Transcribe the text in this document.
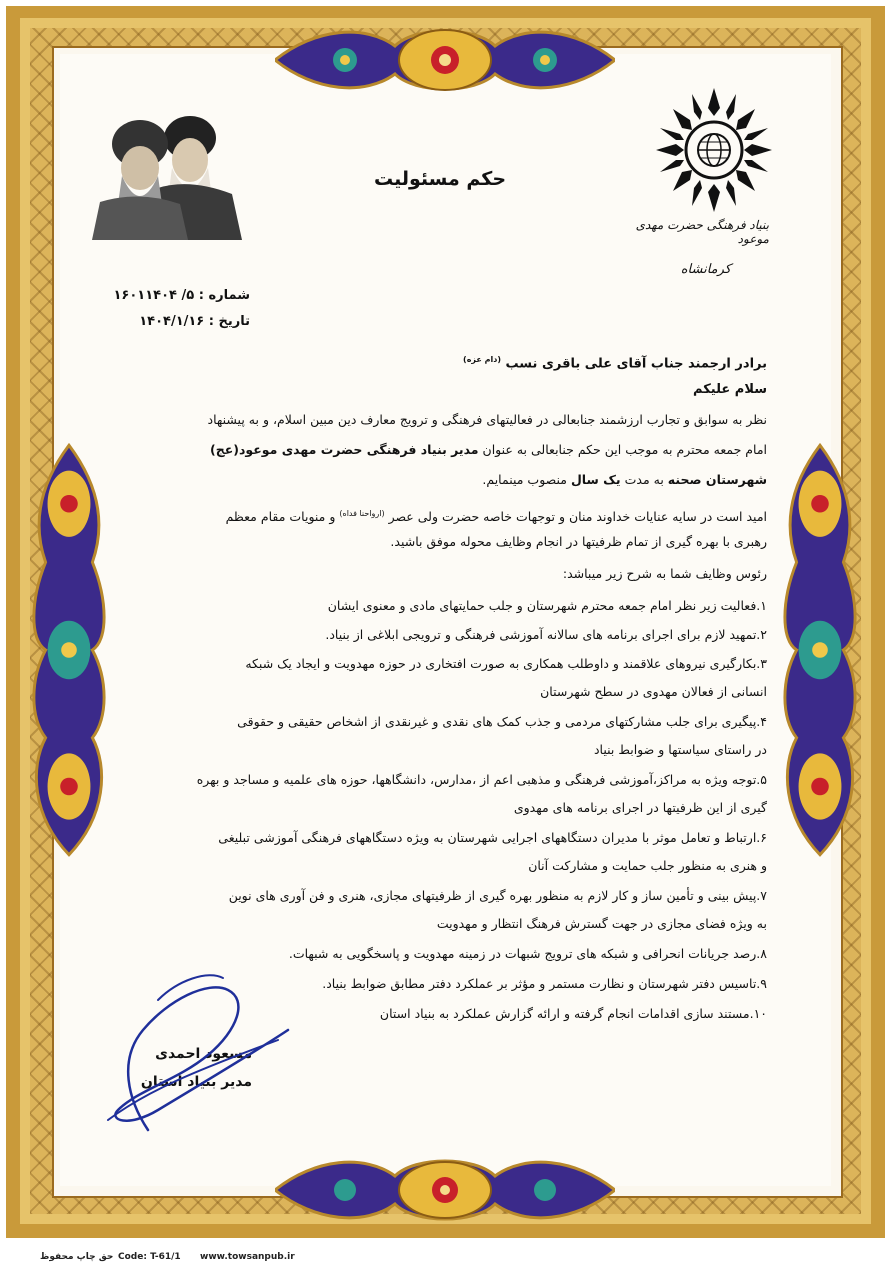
بنیاد فرهنگی حضرت مهدی موعود
کرمانشاه
حکم مسئولیت
شماره : ۵/ ۱۶۰۱۱۴۰۴
تاریخ : ۱۴۰۴/۱/۱۶
برادر ارجمند جناب آقای علی باقری نسب $^{(دام عزه)}$
سلام علیکم
نظر به سوابق و تجارب ارزشمند جنابعالی در فعالیتهای فرهنگی و ترویج معارف دین مبین اسلام، و به پیشنهاد
امام جمعه محترم به موجب این حکم جنابعالی به عنوان مدیر بنیاد فرهنگی حضرت مهدی موعود(عج)
شهرستان صحنه به مدت یک سال منصوب مینمایم.
امید است در سایه عنایات خداوند منان و توجهات خاصه حضرت ولی عصر $^{(ارواحنا فداه)}$ و منویات مقام معظم
رهبری با بهره گیری از تمام ظرفیتها در انجام وظایف محوله موفق باشید.
رئوس وظایف شما به شرح زیر میباشد:
۱.فعالیت زیر نظر امام جمعه محترم شهرستان و جلب حمایتهای مادی و معنوی ایشان
۲.تمهید لازم برای اجرای برنامه های سالانه آموزشی فرهنگی و ترویجی ابلاغی از بنیاد.
۳.بکارگیری نیروهای علاقمند و داوطلب همکاری به صورت افتخاری در حوزه مهدویت و ایجاد یک شبکه
انسانی از فعالان مهدوی در سطح شهرستان
۴.پیگیری برای جلب مشارکتهای مردمی و جذب کمک های نقدی و غیرنقدی از اشخاص حقیقی و حقوقی
در راستای سیاستها و ضوابط بنیاد
۵.توجه ویژه به مراکز،آموزشی فرهنگی و مذهبی اعم از ،مدارس، دانشگاهها، حوزه های علمیه و مساجد و بهره
گیری از این ظرفیتها در اجرای برنامه های مهدوی
۶.ارتباط و تعامل موثر با مدیران دستگاههای اجرایی شهرستان به ویژه دستگاههای فرهنگی آموزشی تبلیغی
و هنری به منظور جلب حمایت و مشارکت آنان
۷.پیش بینی و تأمین ساز و کار لازم به منظور بهره گیری از ظرفیتهای مجازی، هنری و فن آوری های نوین
به ویژه فضای مجازی در جهت گسترش فرهنگ انتظار و مهدویت
۸.رصد جریانات انحرافی و شبکه های ترویج شبهات در زمینه مهدویت و پاسخگویی به شبهات.
۹.تاسیس دفتر شهرستان و نظارت مستمر و مؤثر بر عملکرد دفتر مطابق ضوابط بنیاد.
۱۰.مستند سازی اقدامات انجام گرفته و ارائه گزارش عملکرد به بنیاد استان
مسعود احمدی
مدیر بنیاد استان
حق چاپ محفوظ Code: T-61/1 www.towsanpub.ir
